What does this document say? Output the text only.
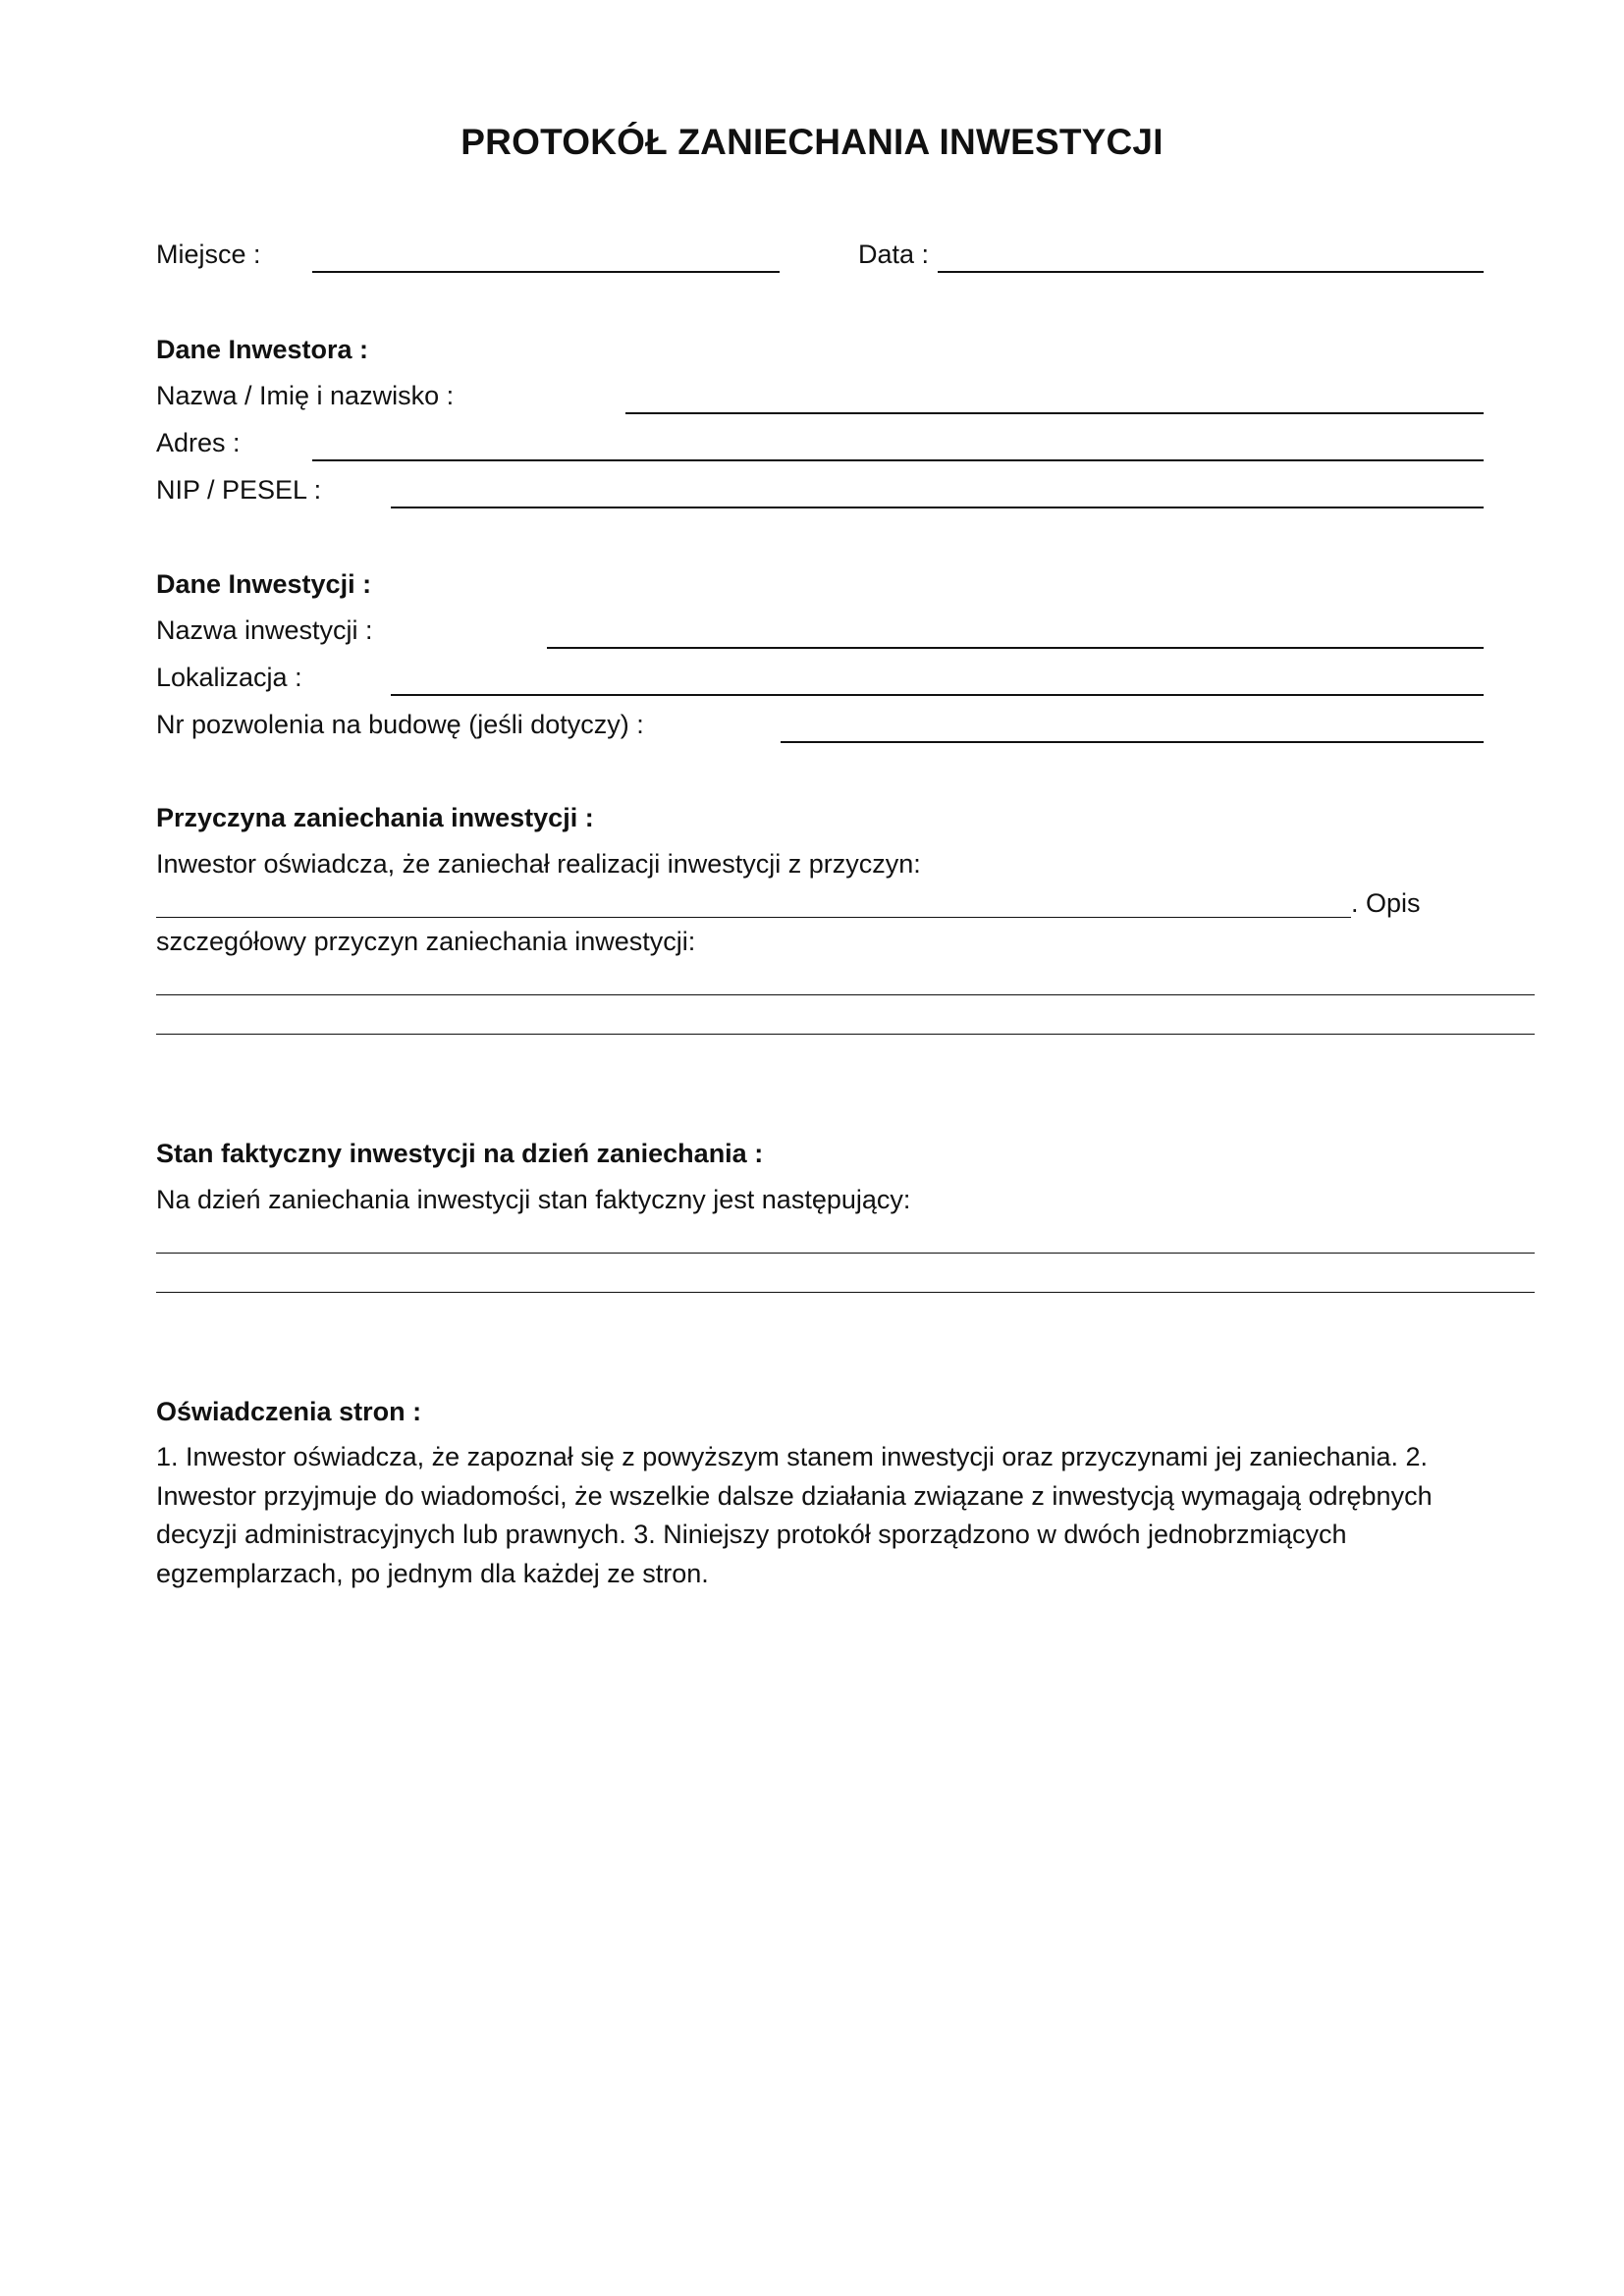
PROTOKÓŁ ZANIECHANIA INWESTYCJI
Miejsce :	Data :
Dane Inwestora :
Nazwa / Imię i nazwisko :
Adres :
NIP / PESEL :
Dane Inwestycji :
Nazwa inwestycji :
Lokalizacja :
Nr pozwolenia na budowę (jeśli dotyczy) :
Przyczyna zaniechania inwestycji :
Inwestor oświadcza, że zaniechał realizacji inwestycji z przyczyn:
. Opis
szczegółowy przyczyn zaniechania inwestycji:
Stan faktyczny inwestycji na dzień zaniechania :
Na dzień zaniechania inwestycji stan faktyczny jest następujący:
Oświadczenia stron :
1. Inwestor oświadcza, że zapoznał się z powyższym stanem inwestycji oraz przyczynami jej zaniechania. 2.
Inwestor przyjmuje do wiadomości, że wszelkie dalsze działania związane z inwestycją wymagają odrębnych
decyzji administracyjnych lub prawnych. 3. Niniejszy protokół sporządzono w dwóch jednobrzmiących
egzemplarzach, po jednym dla każdej ze stron.
